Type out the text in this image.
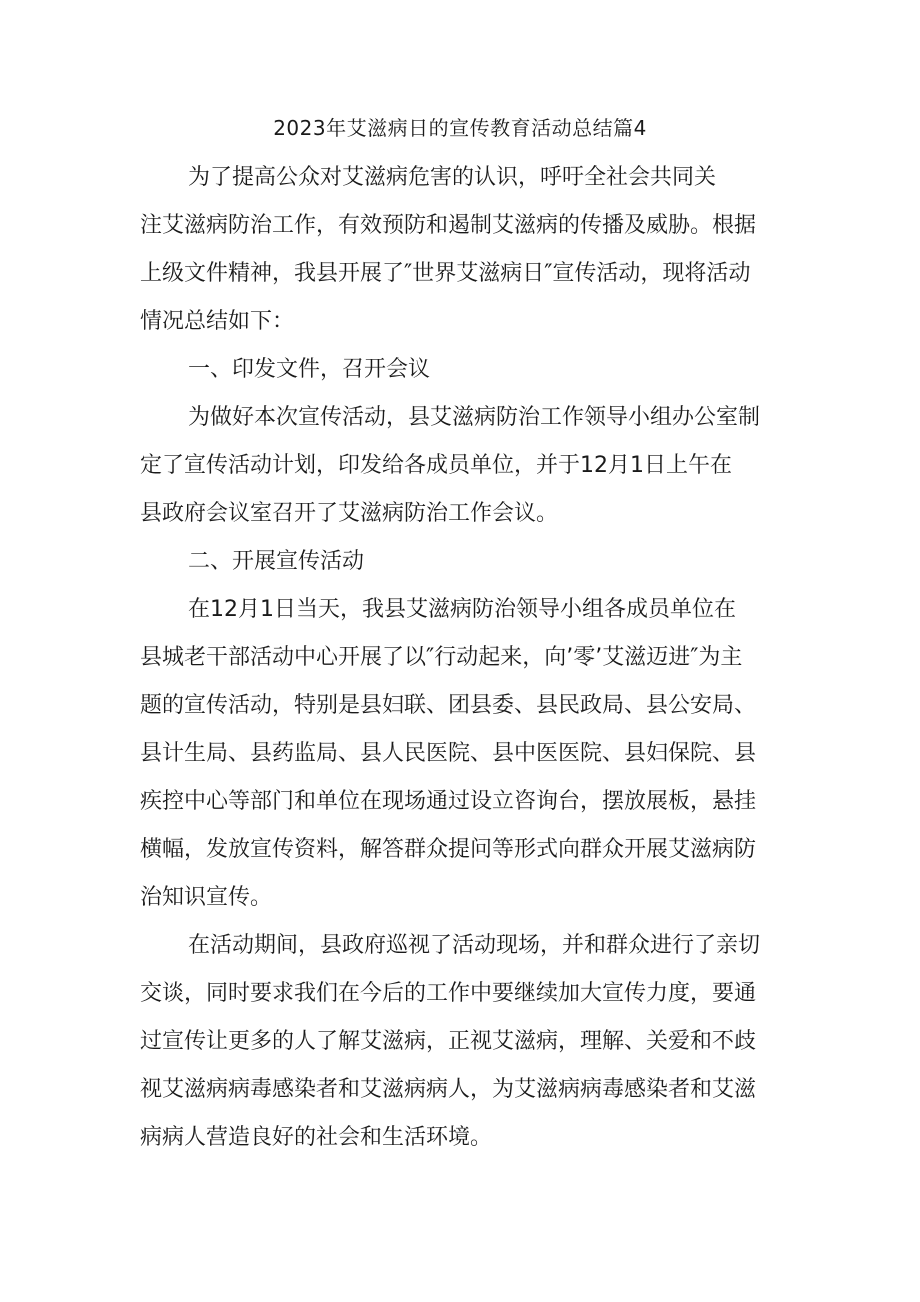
2023年艾滋病日的宣传教育活动总结篇4

为了提高公众对艾滋病危害的认识，呼吁全社会共同关

注艾滋病防治工作，有效预防和遏制艾滋病的传播及威胁。根据

上级文件精神，我县开展了″世界艾滋病日″宣传活动，现将活动

情况总结如下：

一、印发文件，召开会议

为做好本次宣传活动，县艾滋病防治工作领导小组办公室制

定了宣传活动计划，印发给各成员单位，并于12月1日上午在

县政府会议室召开了艾滋病防治工作会议。

二、开展宣传活动

在12月1日当天，我县艾滋病防治领导小组各成员单位在

县城老干部活动中心开展了以″行动起来，向’零’艾滋迈进″为主

题的宣传活动，特别是县妇联、团县委、县民政局、县公安局、

县计生局、县药监局、县人民医院、县中医医院、县妇保院、县

疾控中心等部门和单位在现场通过设立咨询台，摆放展板，悬挂

横幅，发放宣传资料，解答群众提问等形式向群众开展艾滋病防

治知识宣传。

在活动期间，县政府巡视了活动现场，并和群众进行了亲切

交谈，同时要求我们在今后的工作中要继续加大宣传力度，要通

过宣传让更多的人了解艾滋病，正视艾滋病，理解、关爱和不歧

视艾滋病病毒感染者和艾滋病病人，为艾滋病病毒感染者和艾滋

病病人营造良好的社会和生活环境。
